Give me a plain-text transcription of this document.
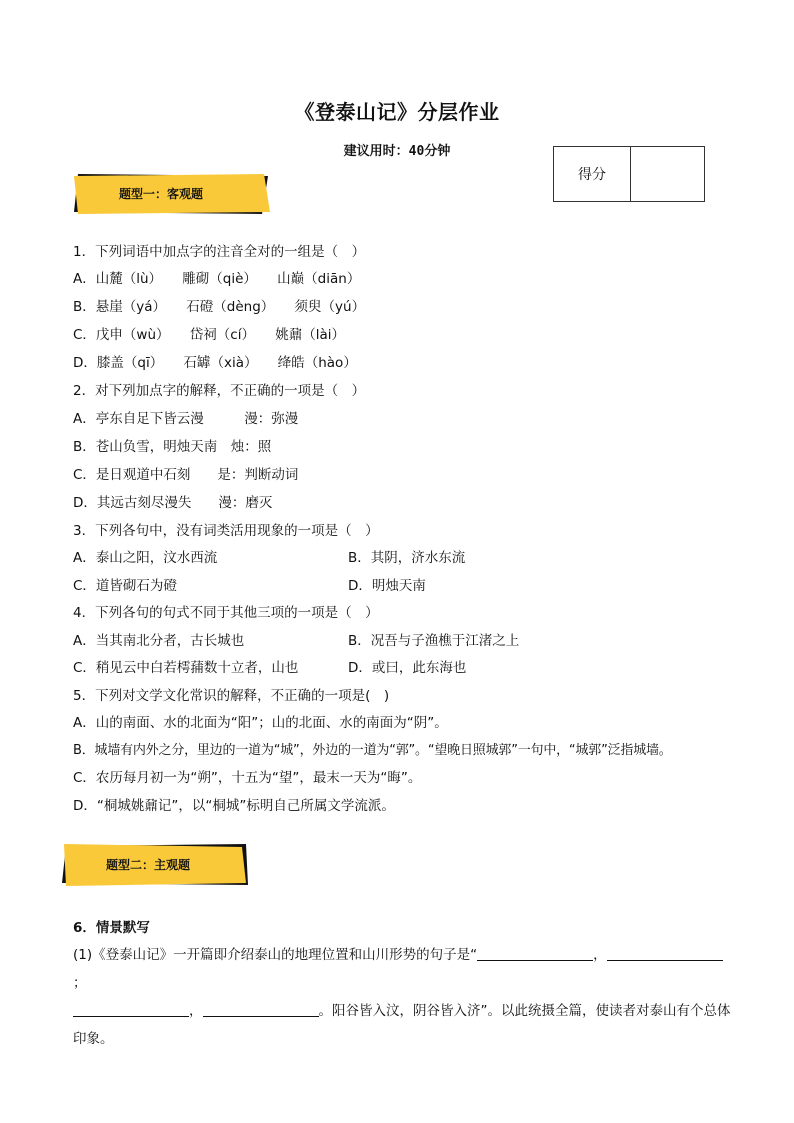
《登泰山记》分层作业
建议用时：40分钟
得分
题型一：客观题
1．下列词语中加点字的注音全对的一组是（　）
A．山麓（lù）　　雕砌（qiè）　　山巅（diān）
B．悬崖（yá）　　石磴（dèng）　　须臾（yú）
C．戊申（wù）　　岱祠（cí）　　姚鼐（lài）
D．膝盖（qī）　　石罅（xià）　　绛皓（hào）
2．对下列加点字的解释，不正确的一项是（　）
A．亭东自足下皆云漫　　　漫：弥漫
B．苍山负雪，明烛天南　烛：照
C．是日观道中石刻　　是：判断动词
D．其远古刻尽漫失　　漫：磨灭
3．下列各句中，没有词类活用现象的一项是（　）
A．泰山之阳，汶水西流	B．其阴，济水东流
C．道皆砌石为磴	D．明烛天南
4．下列各句的句式不同于其他三项的一项是（　）
A．当其南北分者，古长城也	B．况吾与子渔樵于江渚之上
C．稍见云中白若樗蒱数十立者，山也	D．或曰，此东海也
5．下列对文学文化常识的解释，不正确的一项是(　)
A．山的南面、水的北面为“阳”；山的北面、水的南面为“阴”。
B．城墙有内外之分，里边的一道为“城”，外边的一道为“郭”。“望晚日照城郭”一句中，“城郭”泛指城墙。
C．农历每月初一为“朔”，十五为“望”，最末一天为“晦”。
D．“桐城姚鼐记”，以“桐城”标明自己所属文学流派。
题型二：主观题
6．情景默写
(1)《登泰山记》一开篇即介绍泰山的地理位置和山川形势的句子是“	，；
，	。阳谷皆入汶，阴谷皆入济”。以此统摄全篇，使读者对泰山有个总体
印象。
